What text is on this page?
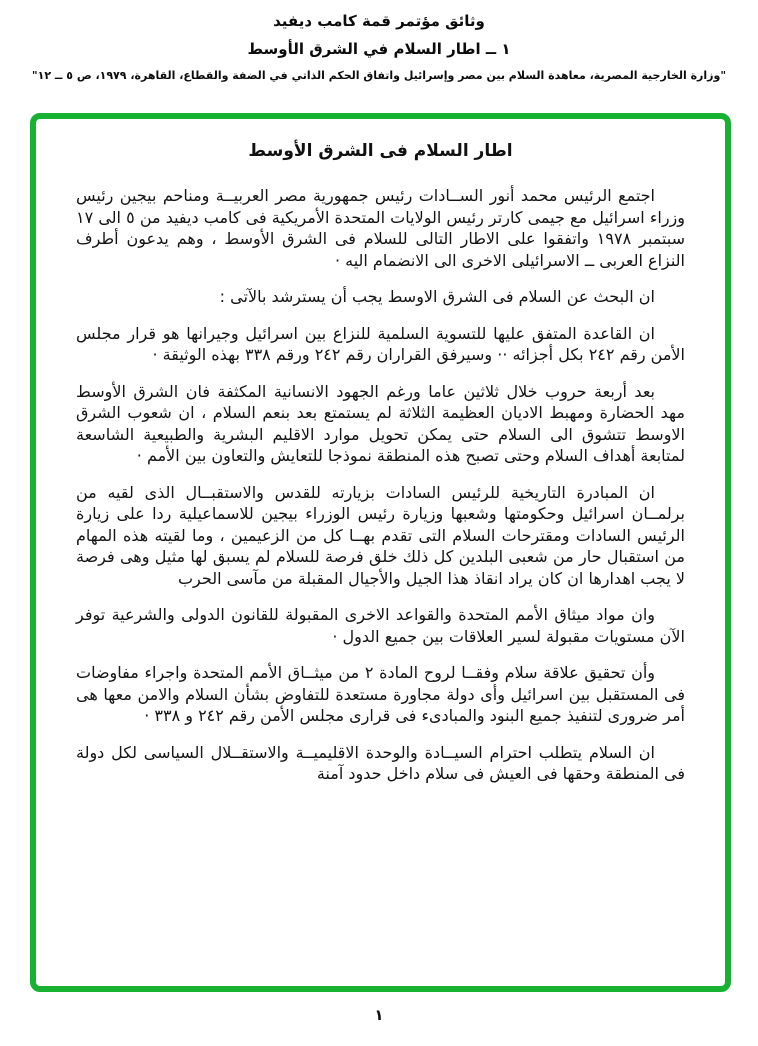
وثائق مؤتمر قمة كامب ديفيد
١ ــ اطار السلام في الشرق الأوسط
"وزارة الخارجية المصرية، معاهدة السلام بين مصر وإسرائيل واتفاق الحكم الذاتي في الضفة والقطاع، القاهرة، ١٩٧٩، ص ٥ ــ ١٢"
اطار السلام فى الشرق الأوسط

اجتمع الرئيس محمد أنور الســادات رئيس جمهورية مصر العربيــة ومناحم بيجين رئيس وزراء اسرائيل مع جيمى كارتر رئيس الولايات المتحدة الأمريكية فى كامب ديفيد من ٥ الى ١٧ سبتمبر ١٩٧٨ واتفقوا على الاطار التالى للسلام فى الشرق الأوسط ، وهم يدعون أطرف النزاع العربى ــ الاسرائيلى الاخرى الى الانضمام اليه ·

ان البحث عن السلام فى الشرق الاوسط يجب أن يسترشد بالآتى :

ان القاعدة المتفق عليها للتسوية السلمية للنزاع بين اسرائيل وجيرانها هو قرار مجلس الأمن رقم ٢٤٢ بكل أجزائه ·· وسيرفق القراران رقم ٢٤٢ ورقم ٣٣٨ بهذه الوثيقة ·

بعد أربعة حروب خلال ثلاثين عاما ورغم الجهود الانسانية المكثفة فان الشرق الأوسط مهد الحضارة ومهبط الاديان العظيمة الثلاثة لم يستمتع بعد بنعم السلام ، ان شعوب الشرق الاوسط تتشوق الى السلام حتى يمكن تحويل موارد الاقليم البشرية والطبيعية الشاسعة لمتابعة أهداف السلام وحتى تصبح هذه المنطقة نموذجا للتعايش والتعاون بين الأمم ·

ان المبادرة التاريخية للرئيس السادات بزيارته للقدس والاستقبــال الذى لقيه من برلمــان اسرائيل وحكومتها وشعبها وزيارة رئيس الوزراء بيجين للاسماعيلية ردا على زيارة الرئيس السادات ومقترحات السلام التى تقدم بهــا كل من الزعيمين ، وما لقيته هذه المهام من استقبال حار من شعبى البلدين كل ذلك خلق فرصة للسلام لم يسبق لها مثيل وهى فرصة لا يجب اهدارها ان كان يراد انقاذ هذا الجيل والأجيال المقبلة من مآسى الحرب

وان مواد ميثاق الأمم المتحدة والقواعد الاخرى المقبولة للقانون الدولى والشرعية توفر الآن مستويات مقبولة لسير العلاقات بين جميع الدول ·

وأن تحقيق علاقة سلام وفقــا لروح المادة ٢ من ميثــاق الأمم المتحدة واجراء مفاوضات فى المستقبل بين اسرائيل وأى دولة مجاورة مستعدة للتفاوض بشأن السلام والامن معها هى أمر ضرورى لتنفيذ جميع البنود والمبادىء فى قرارى مجلس الأمن رقم ٢٤٢ و ٣٣٨ ·

ان السلام يتطلب احترام السيــادة والوحدة الاقليميــة والاستقــلال السياسى لكل دولة فى المنطقة وحقها فى العيش فى سلام داخل حدود آمنة

١
